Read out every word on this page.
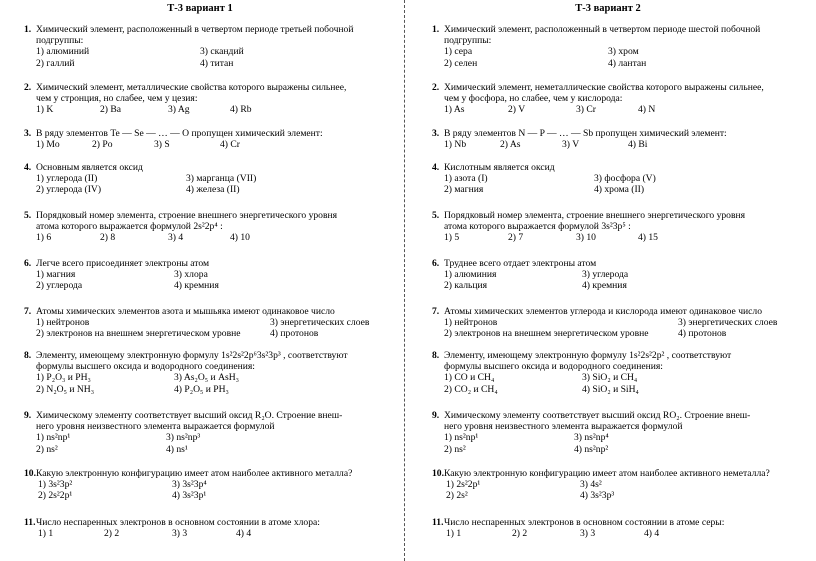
Т-3 вариант 1
1. Химический элемент, расположенный в четвертом периоде третьей побочной
подгруппы:
1) алюминий	3) скандий
2) галлий	4) титан
2. Химический элемент, металлические свойства которого выражены сильнее,
чем у стронция, но слабее, чем у цезия:
1) K	2) Ba	3) Ag	4) Rb
3. В ряду элементов Te — Se — … — O пропущен химический элемент:
1) Mo	2) Po	3) S	4) Cr
4. Основным является оксид
1) углерода (II)	3) марганца (VII)
2) углерода (IV)	4) железа (II)
5. Порядковый номер элемента, строение внешнего энергетического уровня
атома которого выражается формулой 2s²2p⁴ :
1) 6	2) 8	3) 4	4) 10
6. Легче всего присоединяет электроны атом
1) магния	3) хлора
2) углерода	4) кремния
7. Атомы химических элементов азота и мышьяка имеют одинаковое число
1) нейтронов	3) энергетических слоев
2) электронов на внешнем энергетическом уровне	4) протонов
8. Элементу, имеющему электронную формулу 1s²2s²2p⁶3s²3p³ , соответствуют
формулы высшего оксида и водородного соединения:
1) P₂O₃ и PH₃	3) As₂O₅ и AsH₃
2) N₂O₅ и NH₃	4) P₂O₅ и PH₃
9. Химическому элементу соответствует высший оксид R₂O. Строение внеш-
него уровня неизвестного элемента выражается формулой
1) ns²np¹	3) ns²np³
2) ns²	4) ns¹
10.Какую электронную конфигурацию имеет атом наиболее активного металла?
1) 3s²3p²	3) 3s²3p⁴
2) 2s²2p¹	4) 3s²3p¹
11.Число неспаренных электронов в основном состоянии в атоме хлора:
1) 1	2) 2	3) 3	4) 4
Т-3 вариант 2
1. Химический элемент, расположенный в четвертом периоде шестой побочной
подгруппы:
1) сера	3) хром
2) селен	4) лантан
2. Химический элемент, неметаллические свойства которого выражены сильнее,
чем у фосфора, но слабее, чем у кислорода:
1) As	2) V	3) Cr	4) N
3. В ряду элементов N — P — … — Sb пропущен химический элемент:
1) Nb	2) As	3) V	4) Bi
4. Кислотным является оксид
1) азота (I)	3) фосфора (V)
2) магния	4) хрома (II)
5. Порядковый номер элемента, строение внешнего энергетического уровня
атома которого выражается формулой 3s²3p⁵ :
1) 5	2) 7	3) 10	4) 15
6. Труднее всего отдает электроны атом
1) алюминия	3) углерода
2) кальция	4) кремния
7. Атомы химических элементов углерода и кислорода имеют одинаковое число
1) нейтронов	3) энергетических слоев
2) электронов на внешнем энергетическом уровне	4) протонов
8. Элементу, имеющему электронную формулу 1s²2s²2p² , соответствуют
формулы высшего оксида и водородного соединения:
1) CO и CH₄	3) SiO₂ и CH₄
2) CO₂ и CH₄	4) SiO₂ и SiH₄
9. Химическому элементу соответствует высший оксид RO₂. Строение внеш-
него уровня неизвестного элемента выражается формулой
1) ns²np¹	3) ns²np⁴
2) ns²	4) ns²np²
10.Какую электронную конфигурацию имеет атом наиболее активного неметалла?
1) 2s²2p¹	3) 4s²
2) 2s²	4) 3s²3p³
11.Число неспаренных электронов в основном состоянии в атоме серы:
1) 1	2) 2	3) 3	4) 4
